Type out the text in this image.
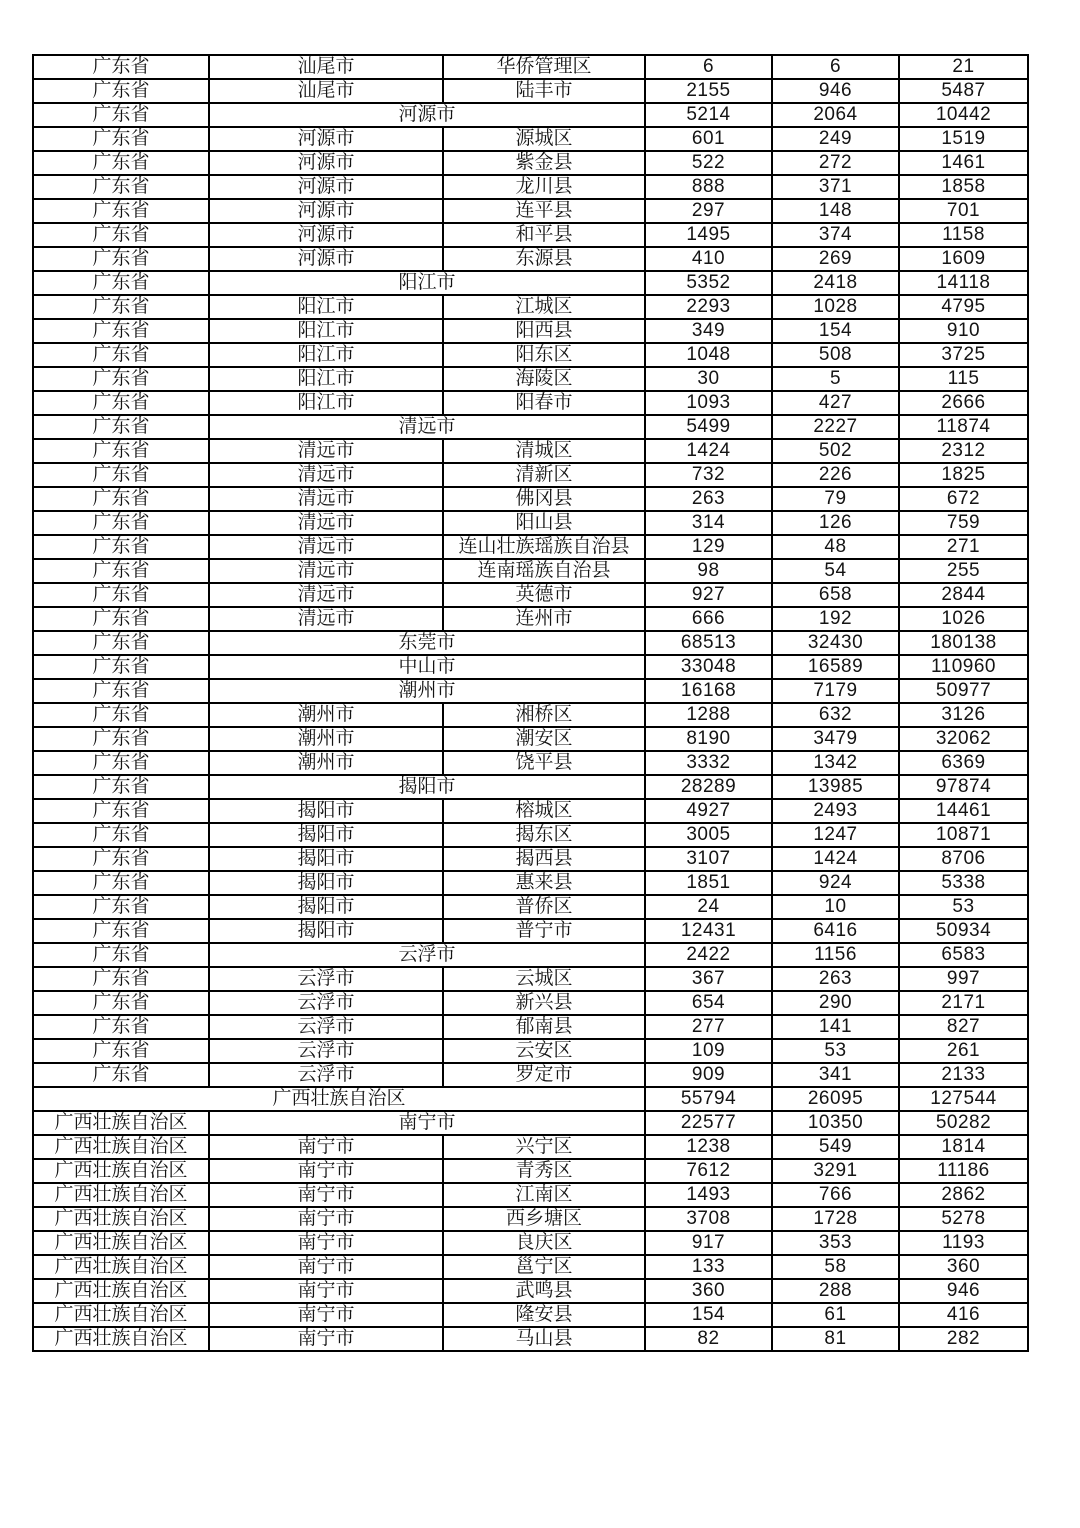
广东省	汕尾市	华侨管理区	6	6	21
广东省	汕尾市	陆丰市	2155	946	5487
广东省	河源市		5214	2064	10442
广东省	河源市	源城区	601	249	1519
广东省	河源市	紫金县	522	272	1461
广东省	河源市	龙川县	888	371	1858
广东省	河源市	连平县	297	148	701
广东省	河源市	和平县	1495	374	1158
广东省	河源市	东源县	410	269	1609
广东省	阳江市		5352	2418	14118
广东省	阳江市	江城区	2293	1028	4795
广东省	阳江市	阳西县	349	154	910
广东省	阳江市	阳东区	1048	508	3725
广东省	阳江市	海陵区	30	5	115
广东省	阳江市	阳春市	1093	427	2666
广东省	清远市		5499	2227	11874
广东省	清远市	清城区	1424	502	2312
广东省	清远市	清新区	732	226	1825
广东省	清远市	佛冈县	263	79	672
广东省	清远市	阳山县	314	126	759
广东省	清远市	连山壮族瑶族自治县	129	48	271
广东省	清远市	连南瑶族自治县	98	54	255
广东省	清远市	英德市	927	658	2844
广东省	清远市	连州市	666	192	1026
广东省	东莞市		68513	32430	180138
广东省	中山市		33048	16589	110960
广东省	潮州市		16168	7179	50977
广东省	潮州市	湘桥区	1288	632	3126
广东省	潮州市	潮安区	8190	3479	32062
广东省	潮州市	饶平县	3332	1342	6369
广东省	揭阳市		28289	13985	97874
广东省	揭阳市	榕城区	4927	2493	14461
广东省	揭阳市	揭东区	3005	1247	10871
广东省	揭阳市	揭西县	3107	1424	8706
广东省	揭阳市	惠来县	1851	924	5338
广东省	揭阳市	普侨区	24	10	53
广东省	揭阳市	普宁市	12431	6416	50934
广东省	云浮市		2422	1156	6583
广东省	云浮市	云城区	367	263	997
广东省	云浮市	新兴县	654	290	2171
广东省	云浮市	郁南县	277	141	827
广东省	云浮市	云安区	109	53	261
广东省	云浮市	罗定市	909	341	2133
广西壮族自治区			55794	26095	127544
广西壮族自治区	南宁市		22577	10350	50282
广西壮族自治区	南宁市	兴宁区	1238	549	1814
广西壮族自治区	南宁市	青秀区	7612	3291	11186
广西壮族自治区	南宁市	江南区	1493	766	2862
广西壮族自治区	南宁市	西乡塘区	3708	1728	5278
广西壮族自治区	南宁市	良庆区	917	353	1193
广西壮族自治区	南宁市	邕宁区	133	58	360
广西壮族自治区	南宁市	武鸣县	360	288	946
广西壮族自治区	南宁市	隆安县	154	61	416
广西壮族自治区	南宁市	马山县	82	81	282
